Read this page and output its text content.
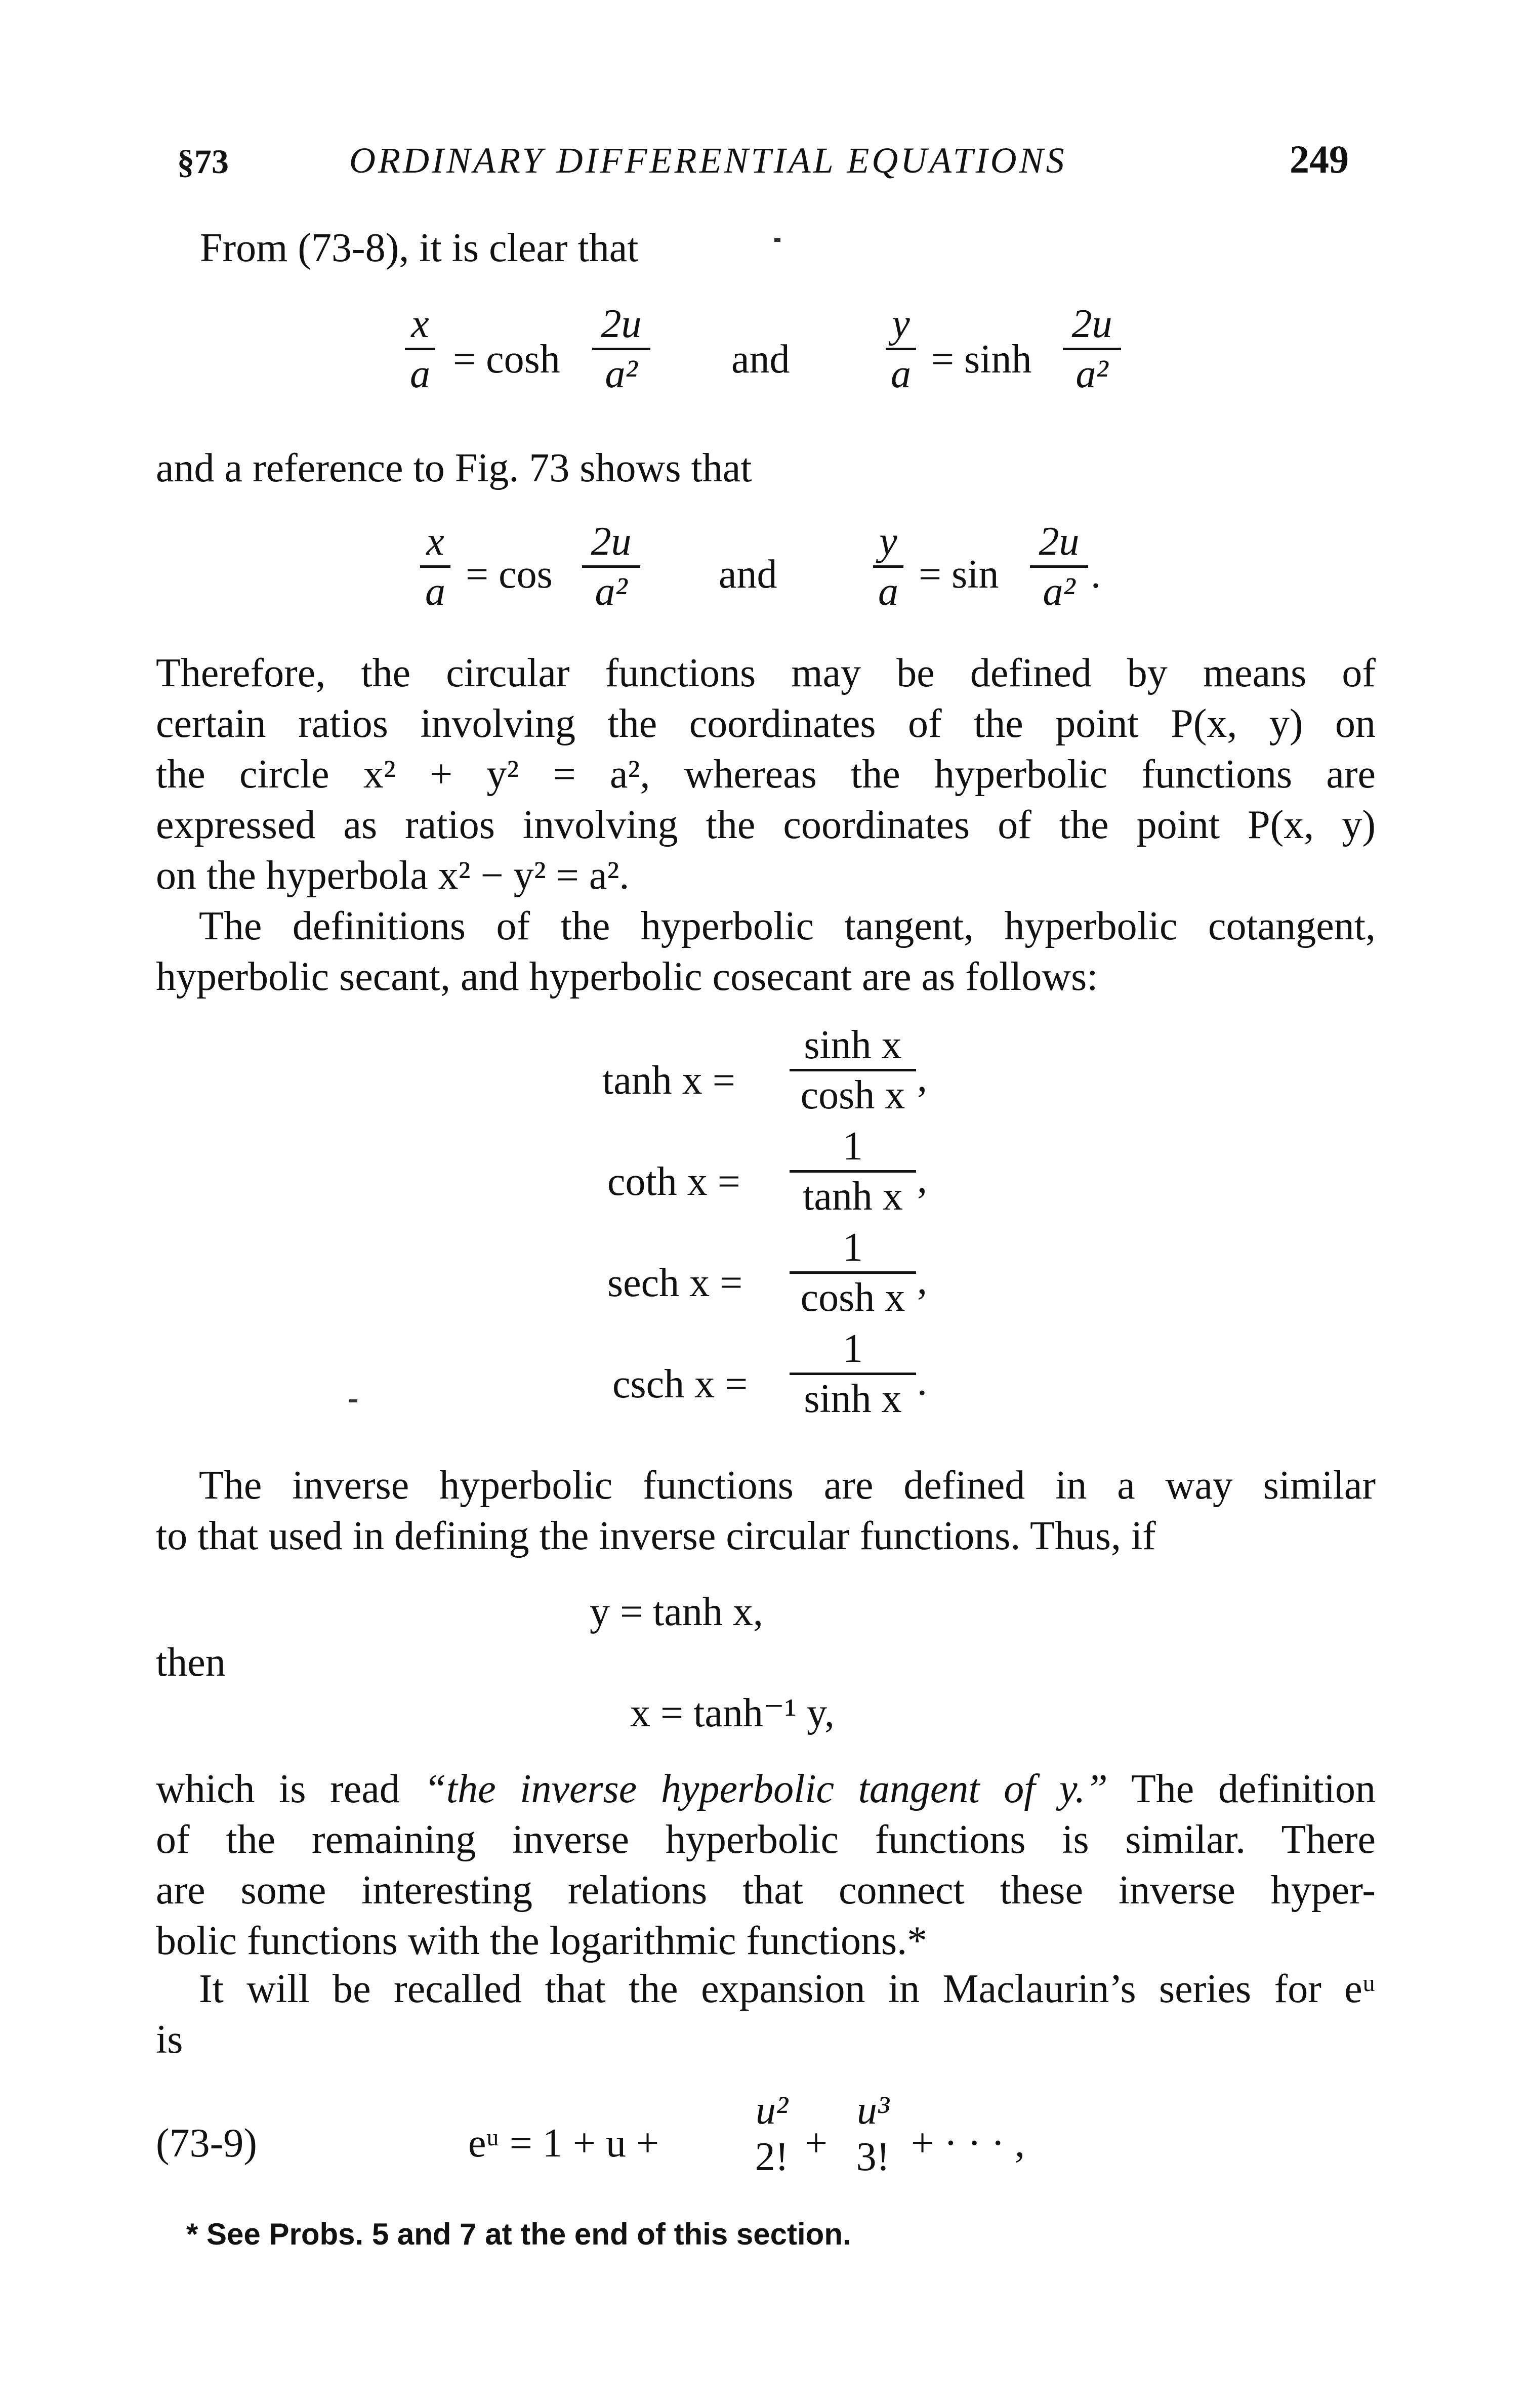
§73	ORDINARY DIFFERENTIAL EQUATIONS	249
From (73-8), it is clear that
x
a = cosh
2u
a²	and
y
a = sinh
2u
a²
and a reference to Fig. 73 shows that
x
a = cos
2u
a²	and
y
a = sin
2u
a² .
Therefore, the circular functions may be defined by means of
certain ratios involving the coordinates of the point P(x, y) on
the circle x² + y² = a², whereas the hyperbolic functions are
expressed as ratios involving the coordinates of the point P(x, y)
on the hyperbola x² − y² = a².
The definitions of the hyperbolic tangent, hyperbolic cotangent,
hyperbolic secant, and hyperbolic cosecant are as follows:
tanh x =
sinh x
cosh x ,
coth x =
1
tanh x ,
sech x =
1
cosh x ,
csch x =
1
sinh x .
The inverse hyperbolic functions are defined in a way similar
to that used in defining the inverse circular functions. Thus, if
y = tanh x,
then
x = tanh⁻¹ y,
which is read “the inverse hyperbolic tangent of y.” The definition
of the remaining inverse hyperbolic functions is similar. There
are some interesting relations that connect these inverse hyper-
bolic functions with the logarithmic functions.*
It will be recalled that the expansion in Maclaurin’s series for eᵘ
is
(73-9)	eᵘ = 1 + u +
u²
2! +
u³
3! + · · · ,
* See Probs. 5 and 7 at the end of this section.
